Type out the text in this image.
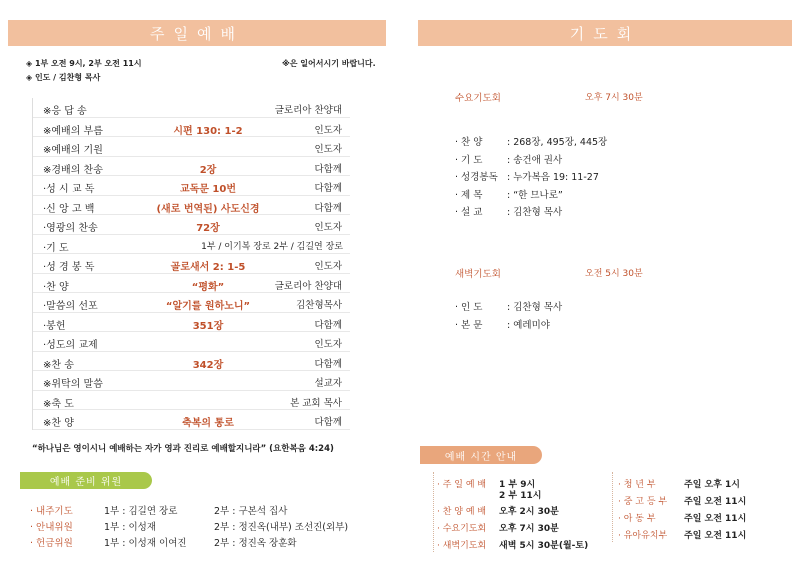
주일예배
◈ 1부 오전 9시, 2부 오전 11시	※은 일어서시기 바랍니다.
◈ 인도 / 김찬형 목사
※응 답 송	글로리아 찬양대
※예배의 부름	시편 130: 1-2	인도자
※예배의 기원	인도자
※경배의 찬송	2장	다함께
·성 시 교 독	교독문 10번	다함께
·신 앙 고 백	(새로 번역된) 사도신경	다함께
·영광의 찬송	72장	인도자
·기 도	1부 / 이기복 장로 2부 / 김길연 장로
·성 경 봉 독	골로새서 2: 1-5	인도자
·찬 양	“평화”	글로리아 찬양대
·말씀의 선포	“알기를 원하노니”	김찬형목사
·봉헌	351장	다함께
·성도의 교제	인도자
※찬 송	342장	다함께
※위탁의 말씀	설교자
※축 도	본 교회 목사
※찬 양	축복의 통로	다함께
“하나님은 영이시니 예배하는 자가 영과 진리로 예배할지니라” (요한복음 4:24)
예배 준비 위원
· 내주기도	1부 : 김길연 장로	2부 : 구본석 집사
· 안내위원	1부 : 이성재	2부 : 정진옥(내부) 조선진(외부)
· 헌금위원	1부 : 이성재 이여진	2부 : 정진옥 장훈화
기도회
수요기도회	오후 7시 30분
· 찬 양	: 268장, 495장, 445장
· 기 도	: 송건애 권사
· 성경봉독 : 누가복음 19: 11-27
· 제 목	: “한 므나로”
· 설 교	: 김찬형 목사
새벽기도회	오전 5시 30분
· 인 도	: 김찬형 목사
· 본 문	: 예레미야
예배 시간 안내
· 주 일 예 배 1 부 9시
2 부 11시
· 찬 양 예 배 오후 2시 30분
· 수요기도회 오후 7시 30분
· 새벽기도회 새벽 5시 30분(월-토)
· 청 년 부	주일 오후 1시
· 중 고 등 부 주일 오전 11시
· 아 동 부	주일 오전 11시
· 유아유치부 주일 오전 11시
